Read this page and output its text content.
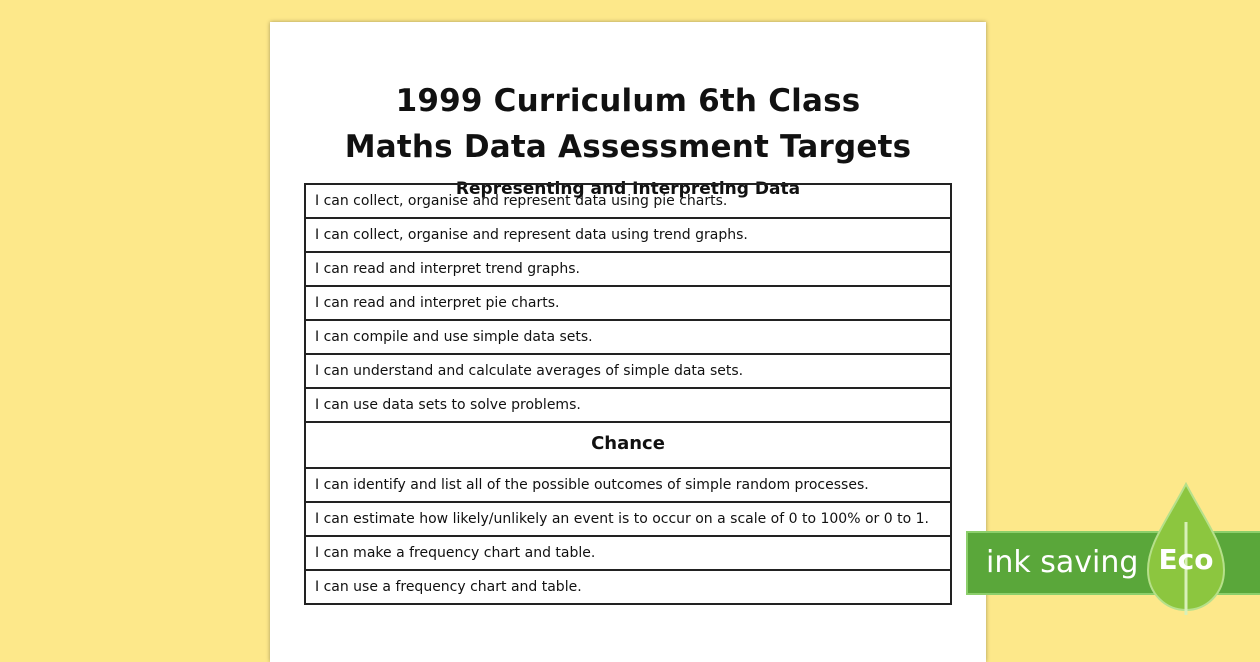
1999 Curriculum 6th Class
Maths Data Assessment Targets
Representing and Interpreting Data
I can collect, organise and represent data using pie charts.
I can collect, organise and represent data using trend graphs.
I can read and interpret trend graphs.
I can read and interpret pie charts.
I can compile and use simple data sets.
I can understand and calculate averages of simple data sets.
I can use data sets to solve problems.
Chance
I can identify and list all of the possible outcomes of simple random processes.
I can estimate how likely/unlikely an event is to occur on a scale of 0 to 100% or 0 to 1.
I can make a frequency chart and table.
I can use a frequency chart and table.
ink saving Eco
